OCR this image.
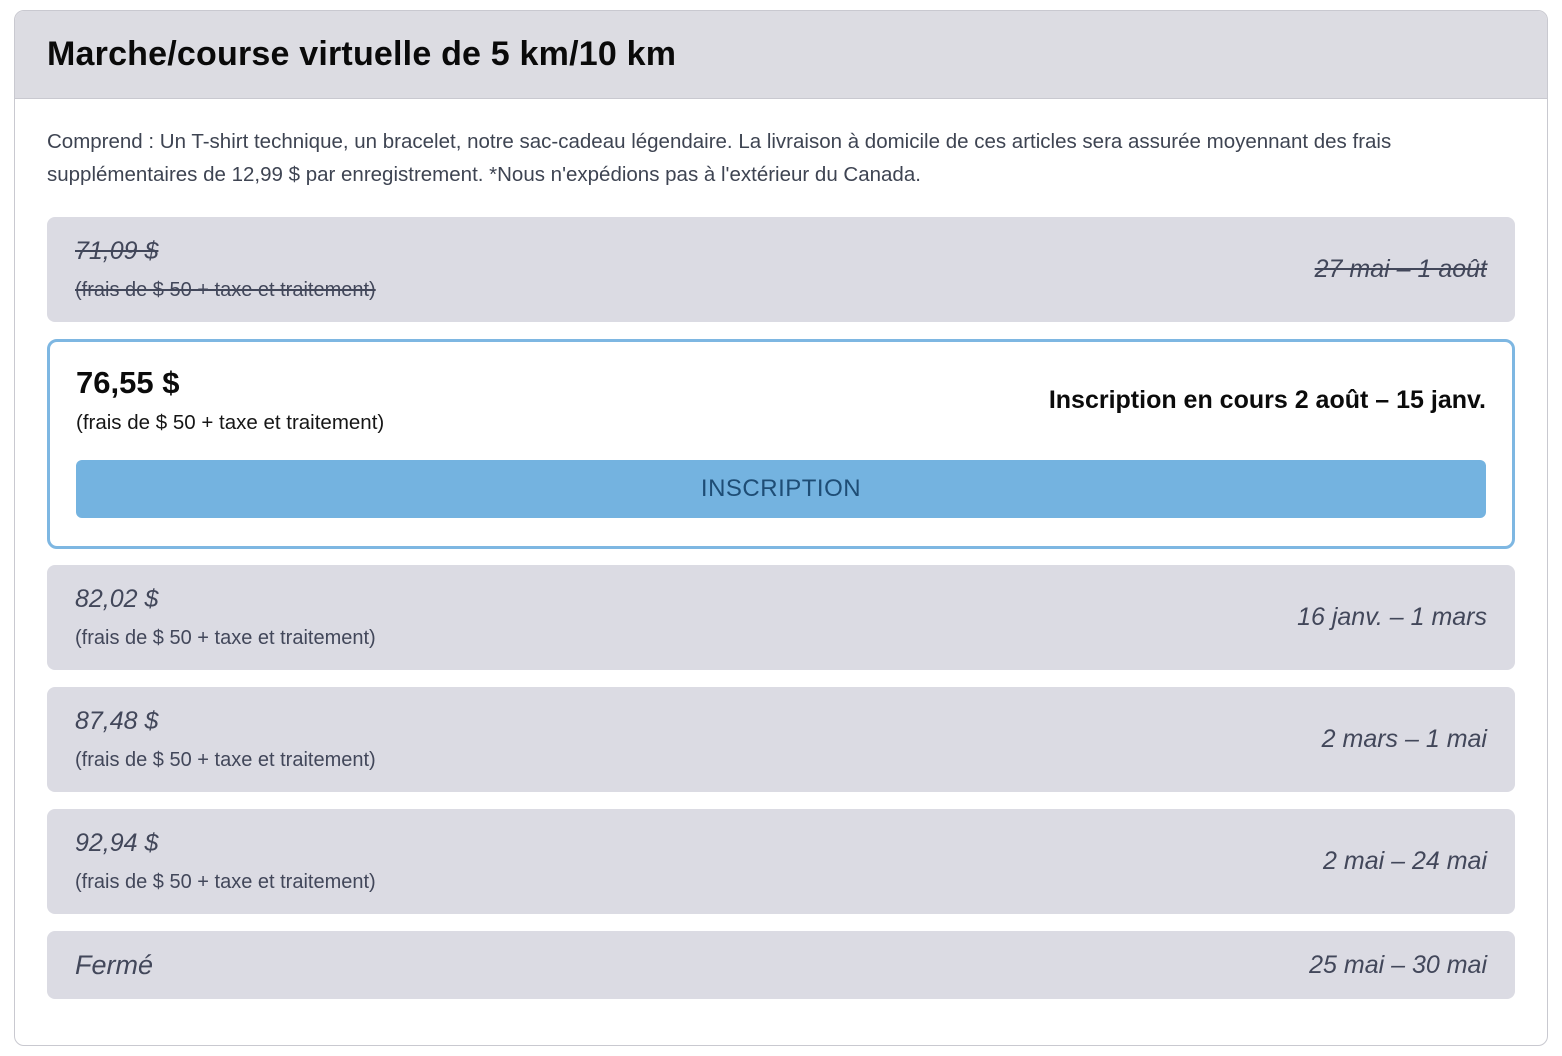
Marche/course virtuelle de 5 km/10 km

Comprend : Un T-shirt technique, un bracelet, notre sac-cadeau légendaire. La livraison à domicile de ces articles sera assurée moyennant des frais supplémentaires de 12,99 $ par enregistrement. *Nous n'expédions pas à l'extérieur du Canada.

71,09 $
(frais de $ 50 + taxe et traitement)
27 mai – 1 août
76,55 $
(frais de $ 50 + taxe et traitement)
Inscription en cours 2 août – 15 janv.
INSCRIPTION
82,02 $
(frais de $ 50 + taxe et traitement)
16 janv. – 1 mars
87,48 $
(frais de $ 50 + taxe et traitement)
2 mars – 1 mai
92,94 $
(frais de $ 50 + taxe et traitement)
2 mai – 24 mai
Fermé	25 mai – 30 mai
